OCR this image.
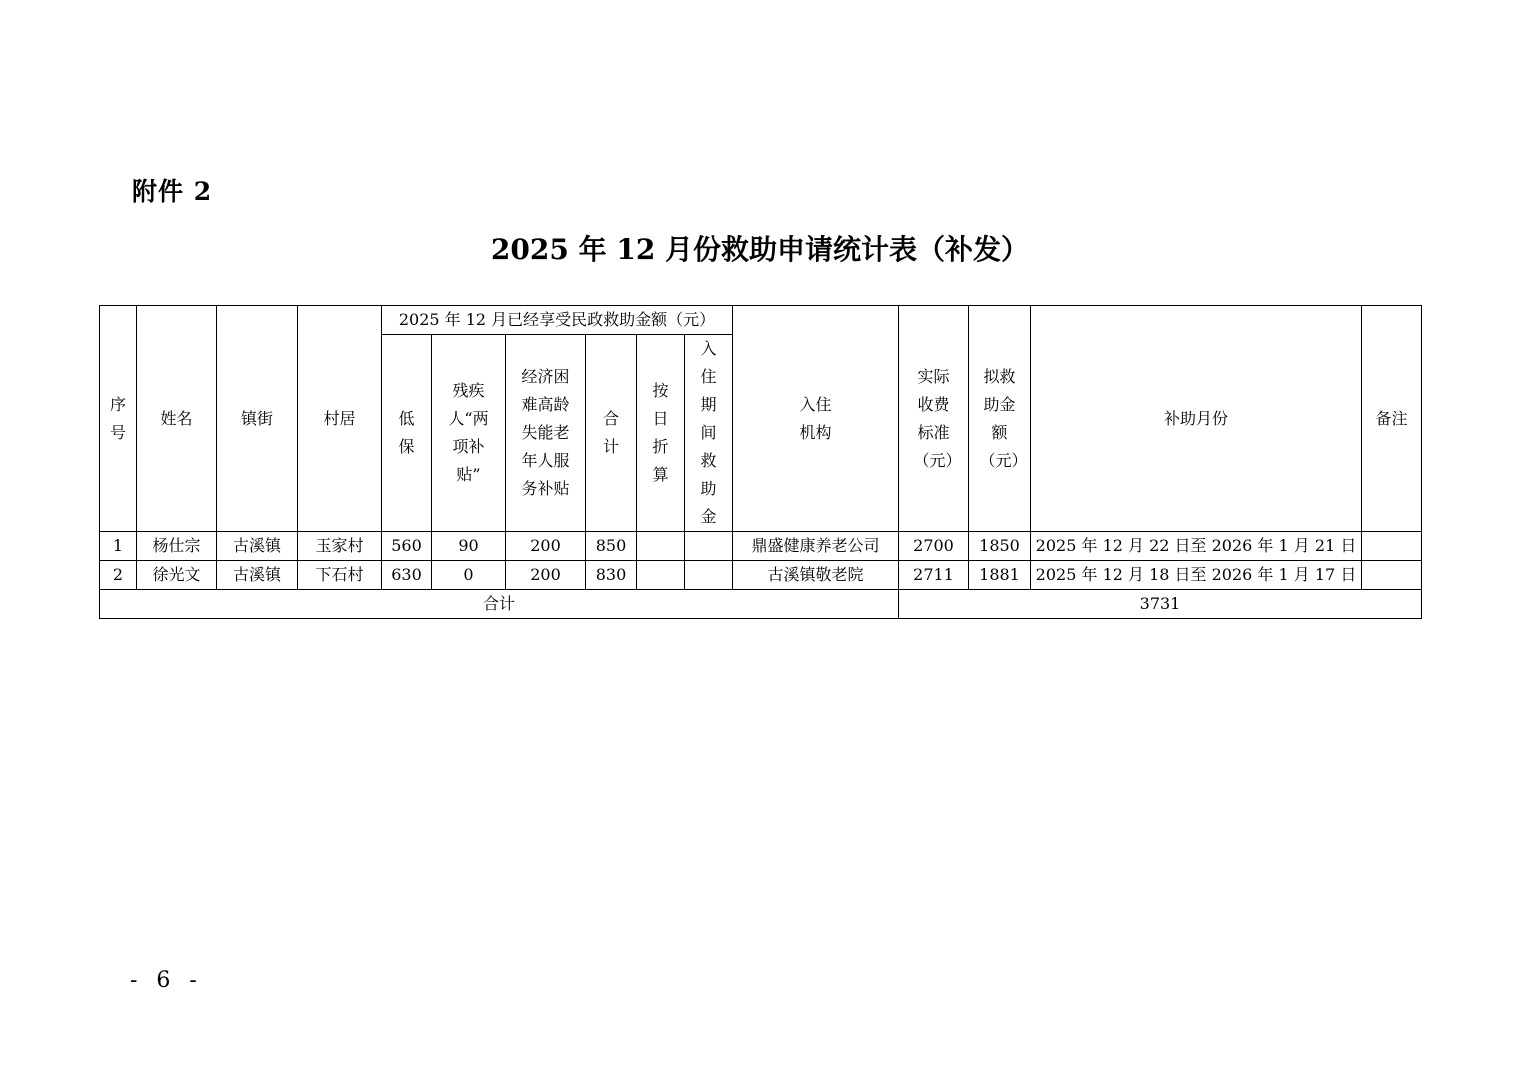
附件 2
2025 年 12 月份救助申请统计表（补发）
序号	姓名	镇街	村居	2025 年 12 月已经享受民政救助金额（元）						入住机构	实际收费标准（元）	拟救助金额（元）	补助月份	备注

				低保	残疾人“两项补贴”	经济困难高龄失能老年人服务补贴	合计	按日折算	入住期间救助金					

1	杨仕宗	古溪镇	玉家村	560	90	200	850			鼎盛健康养老公司	2700	1850	2025 年 12 月 22 日至 2026 年 1 月 21 日	
2	徐光文	古溪镇	下石村	630	0	200	830			古溪镇敬老院	2711	1881	2025 年 12 月 18 日至 2026 年 1 月 17 日	
合计											3731			
- 6 -
